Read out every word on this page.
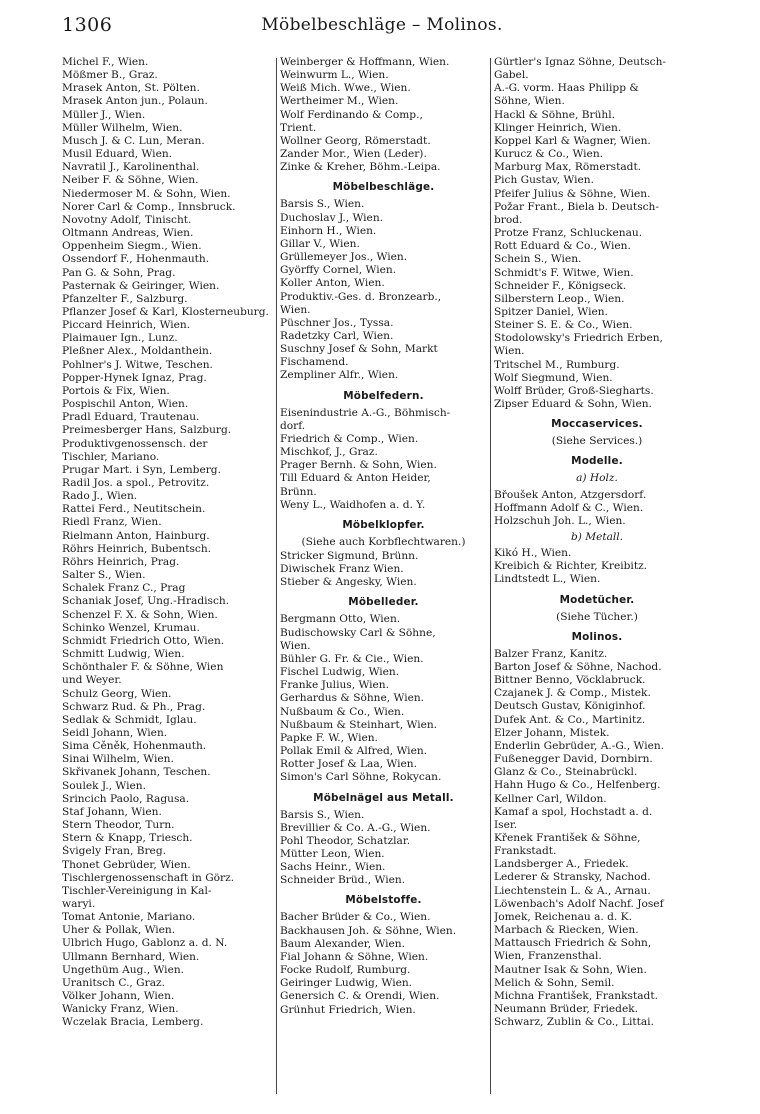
1306	Möbelbeschläge – Molinos.
Michel F., Wien.
Mößmer B., Graz.
Mrasek Anton, St. Pölten.
Mrasek Anton jun., Polaun.
Müller J., Wien.
Müller Wilhelm, Wien.
Musch J. & C. Lun, Meran.
Musil Eduard, Wien.
Navratil J., Karolinenthal.
Neiber F. & Söhne, Wien.
Niedermoser M. & Sohn, Wien.
Norer Carl & Comp., Innsbruck.
Novotny Adolf, Tinischt.
Oltmann Andreas, Wien.
Oppenheim Siegm., Wien.
Ossendorf F., Hohenmauth.
Pan G. & Sohn, Prag.
Pasternak & Geiringer, Wien.
Pfanzelter F., Salzburg.
Pflanzer Josef & Karl, Klosterneuburg.
Piccard Heinrich, Wien.
Plaimauer Ign., Lunz.
Pleßner Alex., Moldanthein.
Pohlner's J. Witwe, Teschen.
Popper-Hynek Ignaz, Prag.
Portois & Fix, Wien.
Pospischil Anton, Wien.
Pradl Eduard, Trautenau.
Preimesberger Hans, Salzburg.
Produktivgenossensch. der
Tischler, Mariano.
Prugar Mart. i Syn, Lemberg.
Radil Jos. a spol., Petrovitz.
Rado J., Wien.
Rattei Ferd., Neutitschein.
Riedl Franz, Wien.
Rielmann Anton, Hainburg.
Röhrs Heinrich, Bubentsch.
Röhrs Heinrich, Prag.
Salter S., Wien.
Schalek Franz C., Prag
Schaniak Josef, Ung.-Hradisch.
Schenzel F. X. & Sohn, Wien.
Schinko Wenzel, Krumau.
Schmidt Friedrich Otto, Wien.
Schmitt Ludwig, Wien.
Schönthaler F. & Söhne, Wien
und Weyer.
Schulz Georg, Wien.
Schwarz Rud. & Ph., Prag.
Sedlak & Schmidt, Iglau.
Seidl Johann, Wien.
Sima Cěněk, Hohenmauth.
Sinai Wilhelm, Wien.
Skřivanek Johann, Teschen.
Soulek J., Wien.
Srincich Paolo, Ragusa.
Staf Johann, Wien.
Stern Theodor, Turn.
Stern & Knapp, Triesch.
Švigely Fran, Breg.
Thonet Gebrüder, Wien.
Tischlergenossenschaft in Görz.
Tischler-Vereinigung in Kal-
waryi.
Tomat Antonie, Mariano.
Uher & Pollak, Wien.
Ulbrich Hugo, Gablonz a. d. N.
Ullmann Bernhard, Wien.
Ungethüm Aug., Wien.
Uranitsch C., Graz.
Völker Johann, Wien.
Wanicky Franz, Wien.
Wczelak Bracia, Lemberg.
Weinberger & Hoffmann, Wien.
Weinwurm L., Wien.
Weiß Mich. Wwe., Wien.
Wertheimer M., Wien.
Wolf Ferdinando & Comp.,
Trient.
Wollner Georg, Römerstadt.
Zander Mor., Wien (Leder).
Zinke & Kreher, Böhm.-Leipa.
Möbelbeschläge.
Barsis S., Wien.
Duchoslav J., Wien.
Einhorn H., Wien.
Gillar V., Wien.
Grüllemeyer Jos., Wien.
Györffy Cornel, Wien.
Koller Anton, Wien.
Produktiv.-Ges. d. Bronzearb.,
Wien.
Püschner Jos., Tyssa.
Radetzky Carl, Wien.
Suschny Josef & Sohn, Markt
Fischamend.
Zempliner Alfr., Wien.
Möbelfedern.
Eisenindustrie A.-G., Böhmisch-
dorf.
Friedrich & Comp., Wien.
Mischkof, J., Graz.
Prager Bernh. & Sohn, Wien.
Till Eduard & Anton Heider,
Brünn.
Weny L., Waidhofen a. d. Y.
Möbelklopfer.
(Siehe auch Korbflechtwaren.)
Stricker Sigmund, Brünn.
Diwischek Franz Wien.
Stieber & Angesky, Wien.
Möbelleder.
Bergmann Otto, Wien.
Budischowsky Carl & Söhne,
Wien.
Bühler G. Fr. & Cie., Wien.
Fischel Ludwig, Wien.
Franke Julius, Wien.
Gerhardus & Söhne, Wien.
Nußbaum & Co., Wien.
Nußbaum & Steinhart, Wien.
Papke F. W., Wien.
Pollak Emil & Alfred, Wien.
Rotter Josef & Laa, Wien.
Simon's Carl Söhne, Rokycan.
Möbelnägel aus Metall.
Barsis S., Wien.
Brevillier & Co. A.-G., Wien.
Pohl Theodor, Schatzlar.
Mütter Leon, Wien.
Sachs Heinr., Wien.
Schneider Brüd., Wien.
Möbelstoffe.
Bacher Brüder & Co., Wien.
Backhausen Joh. & Söhne, Wien.
Baum Alexander, Wien.
Fial Johann & Söhne, Wien.
Focke Rudolf, Rumburg.
Geiringer Ludwig, Wien.
Genersich C. & Orendi, Wien.
Grünhut Friedrich, Wien.
Gürtler's Ignaz Söhne, Deutsch-
Gabel.
A.-G. vorm. Haas Philipp &
Söhne, Wien.
Hackl & Söhne, Brühl.
Klinger Heinrich, Wien.
Koppel Karl & Wagner, Wien.
Kurucz & Co., Wien.
Marburg Max, Römerstadt.
Pich Gustav, Wien.
Pfeifer Julius & Söhne, Wien.
Požar Frant., Biela b. Deutsch-
brod.
Protze Franz, Schluckenau.
Rott Eduard & Co., Wien.
Schein S., Wien.
Schmidt's F. Witwe, Wien.
Schneider F., Königseck.
Silberstern Leop., Wien.
Spitzer Daniel, Wien.
Steiner S. E. & Co., Wien.
Stodolowsky's Friedrich Erben,
Wien.
Tritschel M., Rumburg.
Wolf Siegmund, Wien.
Wolff Brüder, Groß-Siegharts.
Zipser Eduard & Sohn, Wien.
Moccaservices.
(Siehe Services.)
Modelle.
a) Holz.
Břoušek Anton, Atzgersdorf.
Hoffmann Adolf & C., Wien.
Holzschuh Joh. L., Wien.
b) Metall.
Kikó H., Wien.
Kreibich & Richter, Kreibitz.
Lindtstedt L., Wien.
Modetücher.
(Siehe Tücher.)
Molinos.
Balzer Franz, Kanitz.
Barton Josef & Söhne, Nachod.
Bittner Benno, Vöcklabruck.
Czajanek J. & Comp., Mistek.
Deutsch Gustav, Königinhof.
Dufek Ant. & Co., Martinitz.
Elzer Johann, Mistek.
Enderlin Gebrüder, A.-G., Wien.
Fußenegger David, Dornbirn.
Glanz & Co., Steinabrückl.
Hahn Hugo & Co., Helfenberg.
Kellner Carl, Wildon.
Kamaf a spol, Hochstadt a. d.
Iser.
Křenek František & Söhne,
Frankstadt.
Landsberger A., Friedek.
Lederer & Stransky, Nachod.
Liechtenstein L. & A., Arnau.
Löwenbach's Adolf Nachf. Josef
Jomek, Reichenau a. d. K.
Marbach & Riecken, Wien.
Mattausch Friedrich & Sohn,
Wien, Franzensthal.
Mautner Isak & Sohn, Wien.
Melich & Sohn, Semil.
Michna František, Frankstadt.
Neumann Brüder, Friedek.
Schwarz, Zublin & Co., Littai.
